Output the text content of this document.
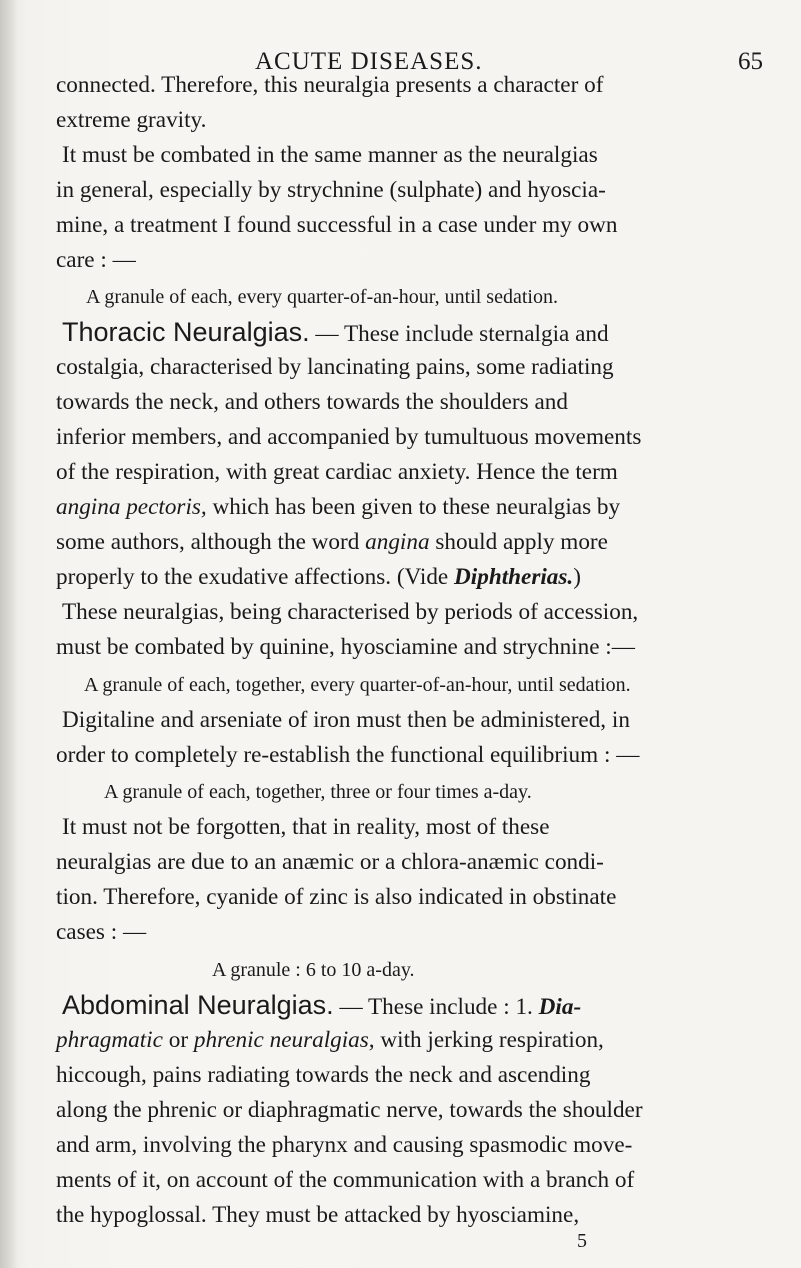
ACUTE DISEASES.	65
connected. Therefore, this neuralgia presents a character of
extreme gravity.
It must be combated in the same manner as the neuralgias
in general, especially by strychnine (sulphate) and hyoscia-
mine, a treatment I found successful in a case under my own
care : —
A granule of each, every quarter-of-an-hour, until sedation.
Thoracic Neuralgias. — These include sternalgia and
costalgia, characterised by lancinating pains, some radiating
towards the neck, and others towards the shoulders and
inferior members, and accompanied by tumultuous movements
of the respiration, with great cardiac anxiety. Hence the term
angina pectoris, which has been given to these neuralgias by
some authors, although the word angina should apply more
properly to the exudative affections. (Vide Diphtherias.)
These neuralgias, being characterised by periods of accession,
must be combated by quinine, hyosciamine and strychnine :—
A granule of each, together, every quarter-of-an-hour, until sedation.
Digitaline and arseniate of iron must then be administered, in
order to completely re-establish the functional equilibrium : —
A granule of each, together, three or four times a-day.
It must not be forgotten, that in reality, most of these
neuralgias are due to an anæmic or a chlora-anæmic condi-
tion. Therefore, cyanide of zinc is also indicated in obstinate
cases : —
A granule : 6 to 10 a-day.
Abdominal Neuralgias. — These include : 1. Dia-
phragmatic or phrenic neuralgias, with jerking respiration,
hiccough, pains radiating towards the neck and ascending
along the phrenic or diaphragmatic nerve, towards the shoulder
and arm, involving the pharynx and causing spasmodic move-
ments of it, on account of the communication with a branch of
the hypoglossal. They must be attacked by hyosciamine,
5
